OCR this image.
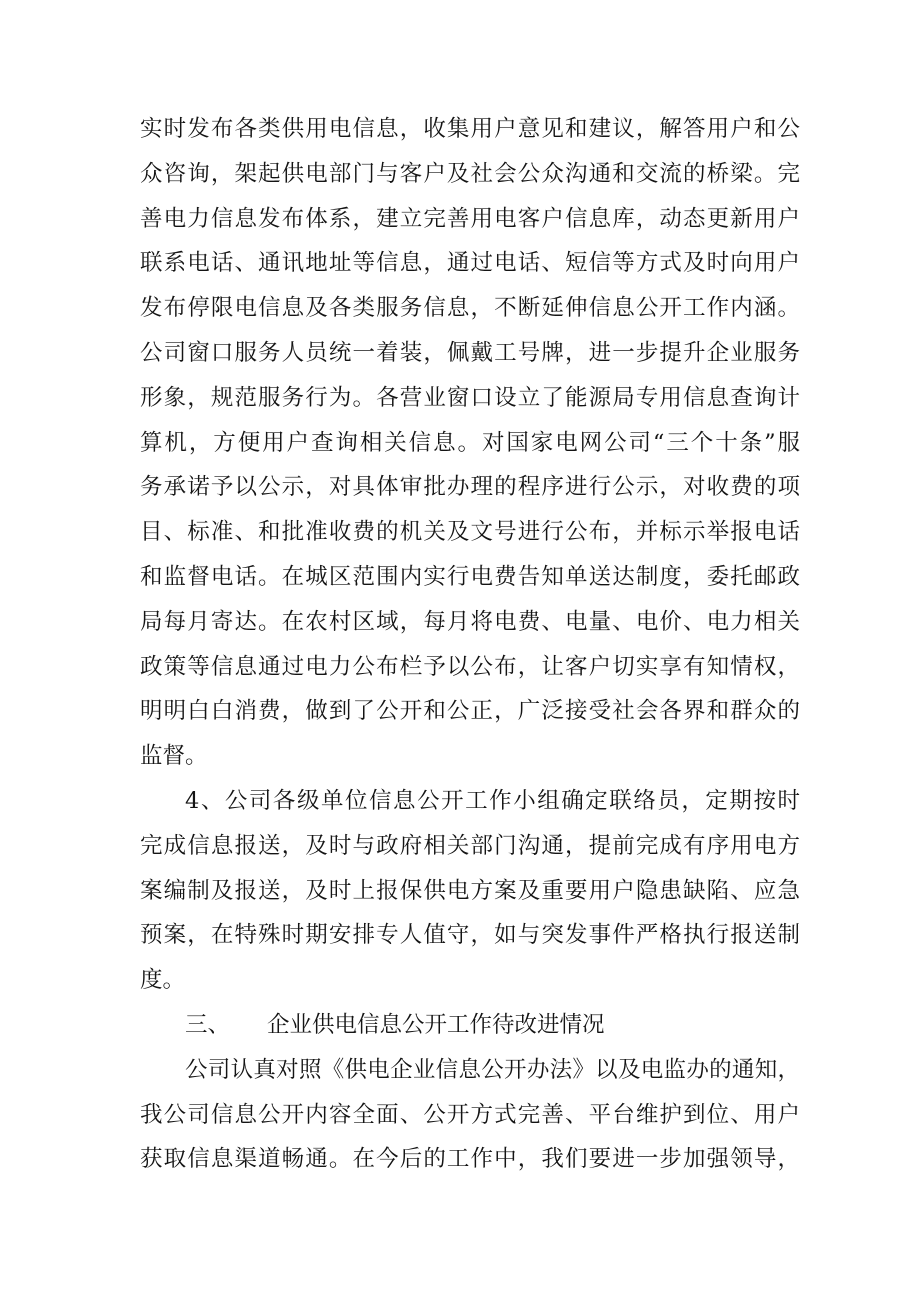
实时发布各类供用电信息，收集用户意见和建议，解答用户和公
众咨询，架起供电部门与客户及社会公众沟通和交流的桥梁。完
善电力信息发布体系，建立完善用电客户信息库，动态更新用户
联系电话、通讯地址等信息，通过电话、短信等方式及时向用户
发布停限电信息及各类服务信息，不断延伸信息公开工作内涵。
公司窗口服务人员统一着装，佩戴工号牌，进一步提升企业服务
形象，规范服务行为。各营业窗口设立了能源局专用信息查询计
算机，方便用户查询相关信息。对国家电网公司“三个十条”服
务承诺予以公示，对具体审批办理的程序进行公示，对收费的项
目、标准、和批准收费的机关及文号进行公布，并标示举报电话
和监督电话。在城区范围内实行电费告知单送达制度，委托邮政
局每月寄达。在农村区域，每月将电费、电量、电价、电力相关
政策等信息通过电力公布栏予以公布，让客户切实享有知情权，
明明白白消费，做到了公开和公正，广泛接受社会各界和群众的
监督。
4、公司各级单位信息公开工作小组确定联络员，定期按时
完成信息报送，及时与政府相关部门沟通，提前完成有序用电方
案编制及报送，及时上报保供电方案及重要用户隐患缺陷、应急
预案，在特殊时期安排专人值守，如与突发事件严格执行报送制
度。
三、 企业供电信息公开工作待改进情况
公司认真对照《供电企业信息公开办法》以及电监办的通知，
我公司信息公开内容全面、公开方式完善、平台维护到位、用户
获取信息渠道畅通。在今后的工作中，我们要进一步加强领导，
